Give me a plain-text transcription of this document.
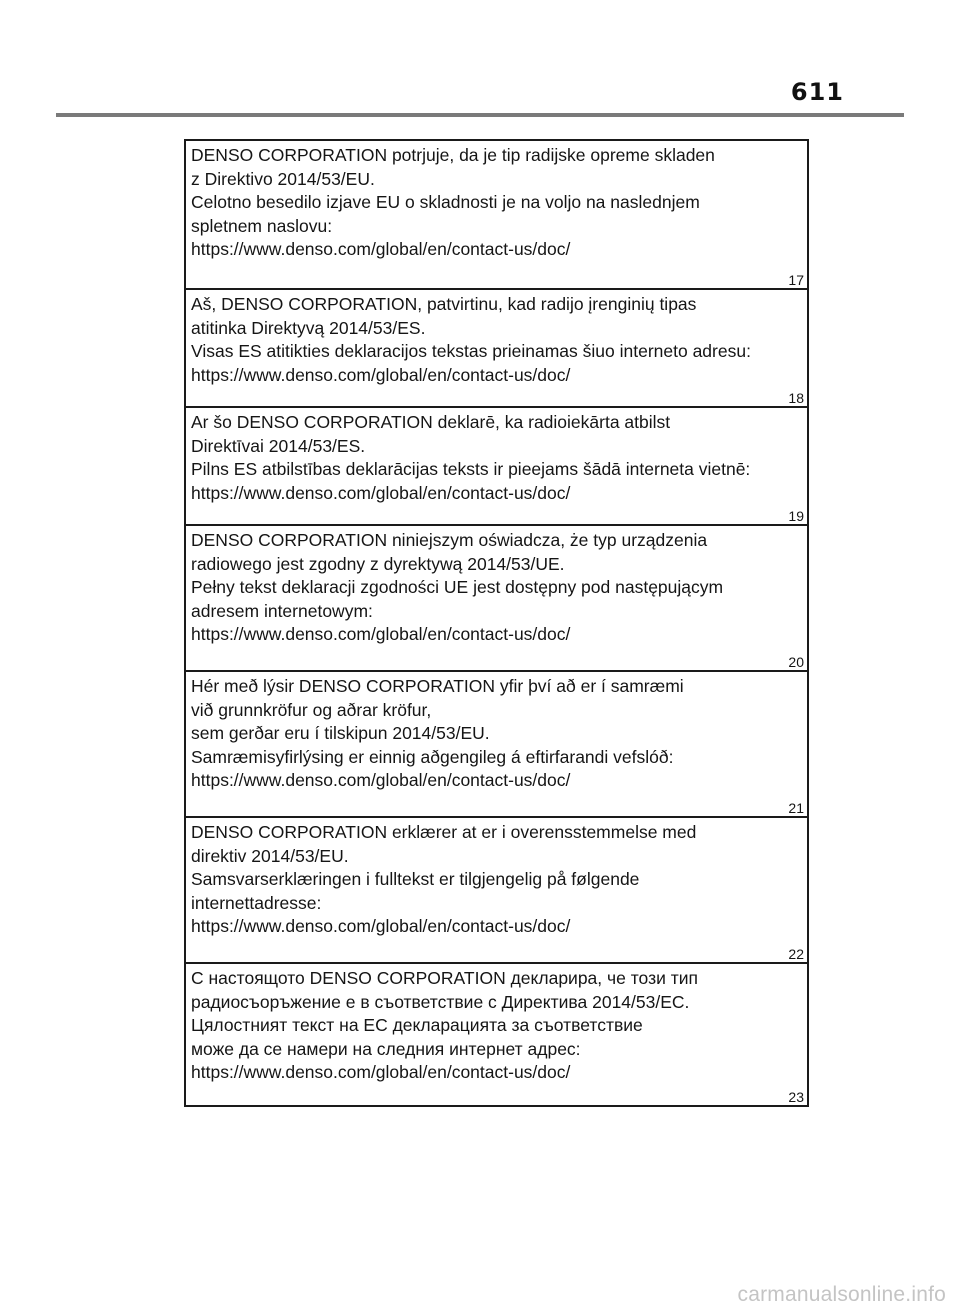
611
DENSO CORPORATION potrjuje, da je tip radijske opreme skladen
z Direktivo 2014/53/EU.
Celotno besedilo izjave EU o skladnosti je na voljo na naslednjem
spletnem naslovu:
https://www.denso.com/global/en/contact-us/doc/
17
Aš, DENSO CORPORATION, patvirtinu, kad radijo įrenginių tipas
atitinka Direktyvą 2014/53/ES.
Visas ES atitikties deklaracijos tekstas prieinamas šiuo interneto adresu:
https://www.denso.com/global/en/contact-us/doc/
18
Ar šo DENSO CORPORATION deklarē, ka radioiekārta atbilst
Direktīvai 2014/53/ES.
Pilns ES atbilstības deklarācijas teksts ir pieejams šādā interneta vietnē:
https://www.denso.com/global/en/contact-us/doc/
19
DENSO CORPORATION niniejszym oświadcza, że typ urządzenia
radiowego jest zgodny z dyrektywą 2014/53/UE.
Pełny tekst deklaracji zgodności UE jest dostępny pod następującym
adresem internetowym:
https://www.denso.com/global/en/contact-us/doc/
20
Hér með lýsir DENSO CORPORATION yfir því að er í samræmi
við grunnkröfur og aðrar kröfur,
sem gerðar eru í tilskipun 2014/53/EU.
Samræmisyfirlýsing er einnig aðgengileg á eftirfarandi vefslóð:
https://www.denso.com/global/en/contact-us/doc/
21
DENSO CORPORATION erklærer at er i overensstemmelse med
direktiv 2014/53/EU.
Samsvarserklæringen i fulltekst er tilgjengelig på følgende
internettadresse:
https://www.denso.com/global/en/contact-us/doc/
22
С настоящото DENSO CORPORATION декларира, че този тип
радиосъоръжение е в съответствие с Директива 2014/53/ЕС.
Цялостният текст на ЕС декларацията за съответствие
може да се намери на следния интернет адрес:
https://www.denso.com/global/en/contact-us/doc/
23
carmanualsonline.info
